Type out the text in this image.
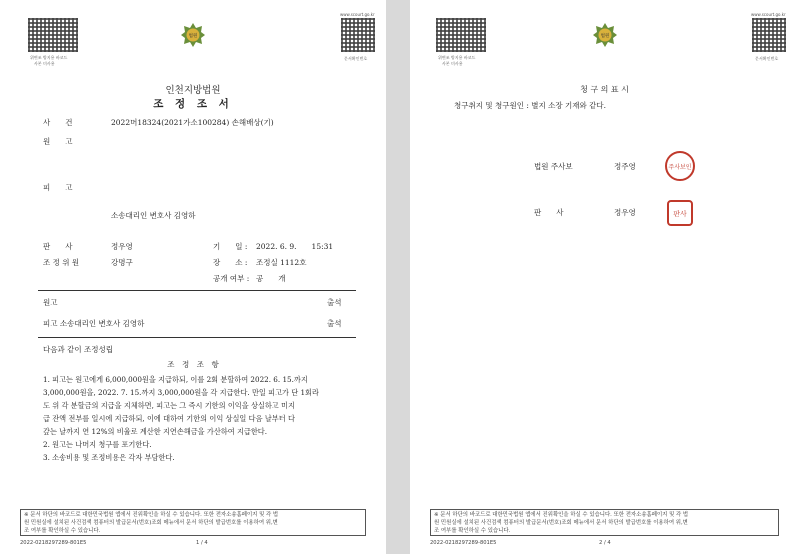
위변조 방지용 바코드
사본 미사용
법원
www.scourt.go.kr
문서확인번호
인천지방법원
조 정 조 서
사　　건	2022머18324(2021가소100284) 손해배상(기)
원　　고
피　　고
소송대리인 변호사 김영하
판　　사	정우영	기　　일 : 2022. 6. 9.　　15:31
조 정 위 원	강명구	장　　소 : 조정실 1112호
공개 여부 : 공　　개
원고	출석
피고 소송대리인 변호사 김영하	출석
다음과 같이 조정성립
조　정　조　항
1. 피고는 원고에게 6,000,000원을 지급하되, 이를 2회 분할하여 2022. 6. 15.까지
3,000,000원을, 2022. 7. 15.까지 3,000,000원을 각 지급한다. 만일 피고가 단 1회라
도 위 각 분할금의 지급을 지체하면, 피고는 그 즉시 기한의 이익을 상실하고 미지
급 잔액 전부를 일시에 지급하되, 이에 대하여 기한의 이익 상실일 다음 날부터 다
갚는 날까지 연 12%의 비율로 계산한 지연손해금을 가산하여 지급한다.
2. 원고는 나머지 청구를 포기한다.
3. 소송비용 및 조정비용은 각자 부담한다.
※ 문서 하단의 바코드로 대한민국법원 앱에서 진위확인을 하실 수 있습니다. 또한 전자소송홈페이지 및 각 법
원 민원실에 설치된 사건검색 컴퓨터의 발급문서(번호)조회 메뉴에서 문서 하단의 발급번호를 이용하여 위,변
조 여부를 확인하실 수 있습니다.
2022-0218297289-801E5	1 / 4
위변조 방지용 바코드
사본 미사용
법원
www.scourt.go.kr
문서확인번호
청 구 의 표 시
청구취지 및 청구원인 : 별지 소장 기재와 같다.
법원 주사보	정주영	주사보인
판　　사	정우영	판사
※ 문서 하단의 바코드로 대한민국법원 앱에서 진위확인을 하실 수 있습니다. 또한 전자소송홈페이지 및 각 법
원 민원실에 설치된 사건검색 컴퓨터의 발급문서(번호)조회 메뉴에서 문서 하단의 발급번호를 이용하여 위,변
조 여부를 확인하실 수 있습니다.
2022-0218297289-801E5	2 / 4
